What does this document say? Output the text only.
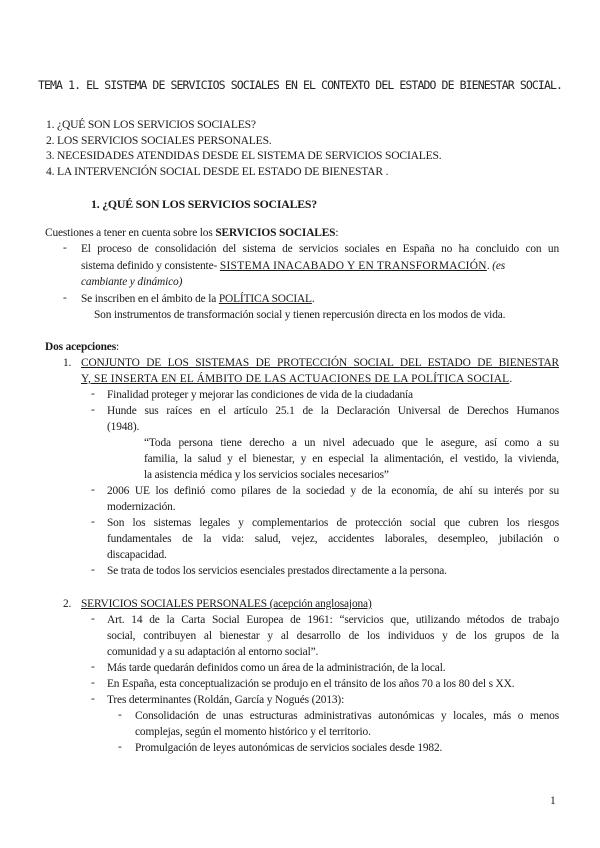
TEMA 1. EL SISTEMA DE SERVICIOS SOCIALES EN EL CONTEXTO DEL ESTADO DE BIENESTAR SOCIAL.
1. ¿QUÉ SON LOS SERVICIOS SOCIALES?
2. LOS SERVICIOS SOCIALES PERSONALES.
3. NECESIDADES ATENDIDAS DESDE EL SISTEMA DE SERVICIOS SOCIALES.
4. LA INTERVENCIÓN SOCIAL DESDE EL ESTADO DE BIENESTAR .
1. ¿QUÉ SON LOS SERVICIOS SOCIALES?
Cuestiones a tener en cuenta sobre los SERVICIOS SOCIALES:
- El proceso de consolidación del sistema de servicios sociales en España no ha concluido con un
sistema definido y consistente- SISTEMA INACABADO Y EN TRANSFORMACIÓN. (es
cambiante y dinámico)
- Se inscriben en el ámbito de la POLÍTICA SOCIAL.
Son instrumentos de transformación social y tienen repercusión directa en los modos de vida.
Dos acepciones:
1. CONJUNTO DE LOS SISTEMAS DE PROTECCIÓN SOCIAL DEL ESTADO DE BIENESTAR
Y, SE INSERTA EN EL ÁMBITO DE LAS ACTUACIONES DE LA POLÍTICA SOCIAL.
- Finalidad proteger y mejorar las condiciones de vida de la ciudadanía
- Hunde sus raíces en el artículo 25.1 de la Declaración Universal de Derechos Humanos
(1948).
“Toda persona tiene derecho a un nivel adecuado que le asegure, así como a su
familia, la salud y el bienestar, y en especial la alimentación, el vestido, la vivienda,
la asistencia médica y los servicios sociales necesarios”
- 2006 UE los definió como pilares de la sociedad y de la economía, de ahí su interés por su
modernización.
- Son los sistemas legales y complementarios de protección social que cubren los riesgos
fundamentales de la vida: salud, vejez, accidentes laborales, desempleo, jubilación o
discapacidad.
- Se trata de todos los servicios esenciales prestados directamente a la persona.
2. SERVICIOS SOCIALES PERSONALES (acepción anglosajona)
- Art. 14 de la Carta Social Europea de 1961: “servicios que, utilizando métodos de trabajo
social, contribuyen al bienestar y al desarrollo de los individuos y de los grupos de la
comunidad y a su adaptación al entorno social”.
- Más tarde quedarán definidos como un área de la administración, de la local.
- En España, esta conceptualización se produjo en el tránsito de los años 70 a los 80 del s XX.
- Tres determinantes (Roldán, García y Nogués (2013):
- Consolidación de unas estructuras administrativas autonómicas y locales, más o menos
complejas, según el momento histórico y el territorio.
- Promulgación de leyes autonómicas de servicios sociales desde 1982.
1
